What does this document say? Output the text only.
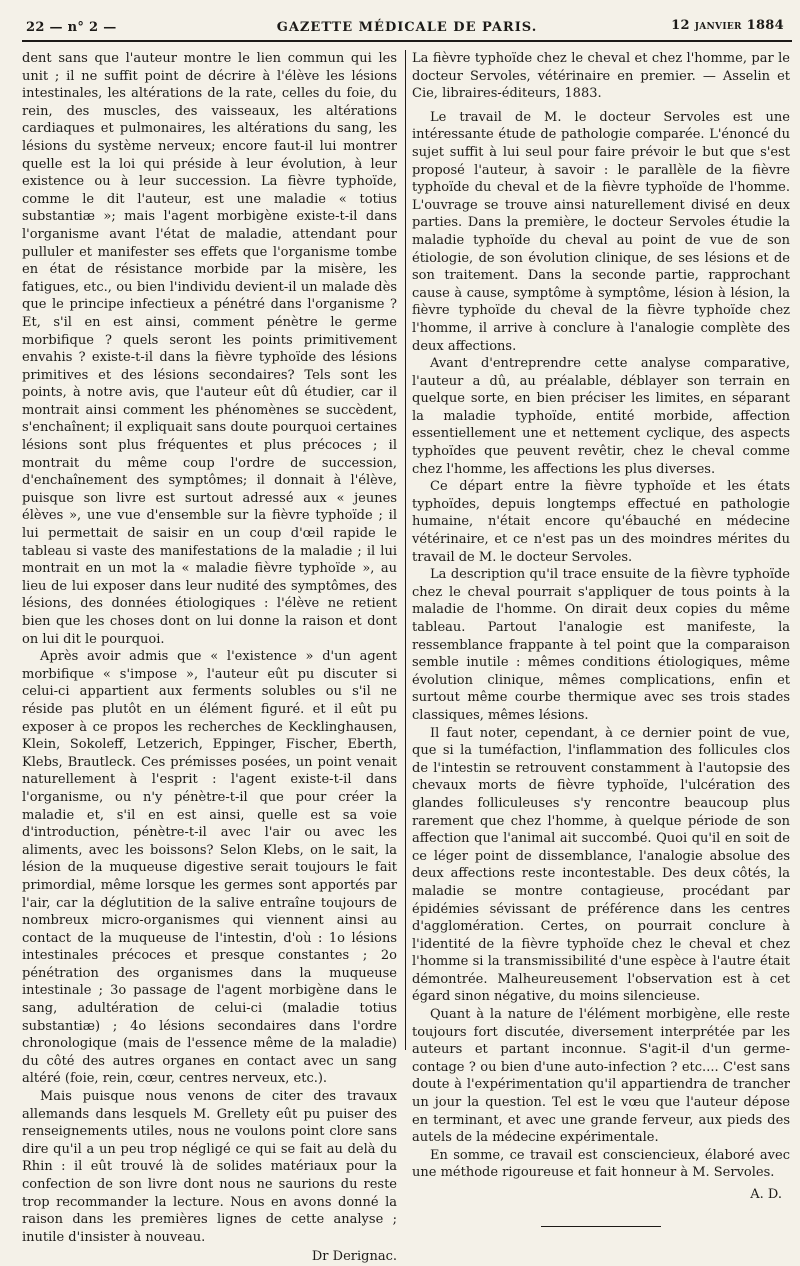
22 — n° 2 —	GAZETTE MÉDICALE DE PARIS.	12 janvier 1884

dent sans que l'auteur montre le lien commun qui les unit ; il ne suffit point de décrire à l'élève les lésions intestinales, les altérations de la rate, celles du foie, du rein, des muscles, des vaisseaux, les altérations cardiaques et pulmonaires, les altérations du sang, les lésions du système nerveux; encore faut-il lui montrer quelle est la loi qui préside à leur évolution, à leur existence ou à leur succession. La fièvre typhoïde, comme le dit l'auteur, est une maladie « totius substantiæ »; mais l'agent morbigène existe-t-il dans l'organisme avant l'état de maladie, attendant pour pulluler et manifester ses effets que l'organisme tombe en état de résistance morbide par la misère, les fatigues, etc., ou bien l'individu devient-il un malade dès que le principe infectieux a pénétré dans l'organisme ? Et, s'il en est ainsi, comment pénètre le germe morbifique ? quels seront les points primitivement envahis ? existe-t-il dans la fièvre typhoïde des lésions primitives et des lésions secondaires? Tels sont les points, à notre avis, que l'auteur eût dû étudier, car il montrait ainsi comment les phénomènes se succèdent, s'enchaînent; il expliquait sans doute pourquoi certaines lésions sont plus fréquentes et plus précoces ; il montrait du même coup l'ordre de succession, d'enchaînement des symptômes; il donnait à l'élève, puisque son livre est surtout adressé aux « jeunes élèves », une vue d'ensemble sur la fièvre typhoïde ; il lui permettait de saisir en un coup d'œil rapide le tableau si vaste des manifestations de la maladie ; il lui montrait en un mot la « maladie fièvre typhoïde », au lieu de lui exposer dans leur nudité des symptômes, des lésions, des données étiologiques : l'élève ne retient bien que les choses dont on lui donne la raison et dont on lui dit le pourquoi.

Après avoir admis que « l'existence » d'un agent morbifique « s'impose », l'auteur eût pu discuter si celui-ci appartient aux ferments solubles ou s'il ne réside pas plutôt en un élément figuré. et il eût pu exposer à ce propos les recherches de Kecklinghausen, Klein, Sokoleff, Letzerich, Eppinger, Fischer, Eberth, Klebs, Brautleck. Ces prémisses posées, un point venait naturellement à l'esprit : l'agent existe-t-il dans l'organisme, ou n'y pénètre-t-il que pour créer la maladie et, s'il en est ainsi, quelle est sa voie d'introduction, pénètre-t-il avec l'air ou avec les aliments, avec les boissons? Selon Klebs, on le sait, la lésion de la muqueuse digestive serait toujours le fait primordial, même lorsque les germes sont apportés par l'air, car la déglutition de la salive entraîne toujours de nombreux micro-organismes qui viennent ainsi au contact de la muqueuse de l'intestin, d'où : 1o lésions intestinales précoces et presque constantes ; 2o pénétration des organismes dans la muqueuse intestinale ; 3o passage de l'agent morbigène dans le sang, adultération de celui-ci (maladie totius substantiæ) ; 4o lésions secondaires dans l'ordre chronologique (mais de l'essence même de la maladie) du côté des autres organes en contact avec un sang altéré (foie, rein, cœur, centres nerveux, etc.).

Mais puisque nous venons de citer des travaux allemands dans lesquels M. Grellety eût pu puiser des renseignements utiles, nous ne voulons point clore sans dire qu'il a un peu trop négligé ce qui se fait au delà du Rhin : il eût trouvé là de solides matériaux pour la confection de son livre dont nous ne saurions du reste trop recommander la lecture. Nous en avons donné la raison dans les premières lignes de cette analyse ; inutile d'insister à nouveau.

Dr Derignac.

La fièvre typhoïde chez le cheval et chez l'homme, par le docteur Servoles, vétérinaire en premier. — Asselin et Cie, libraires-éditeurs, 1883.

Le travail de M. le docteur Servoles est une intéressante étude de pathologie comparée. L'énoncé du sujet suffit à lui seul pour faire prévoir le but que s'est proposé l'auteur, à savoir : le parallèle de la fièvre typhoïde du cheval et de la fièvre typhoïde de l'homme. L'ouvrage se trouve ainsi naturellement divisé en deux parties. Dans la première, le docteur Servoles étudie la maladie typhoïde du cheval au point de vue de son étiologie, de son évolution clinique, de ses lésions et de son traitement. Dans la seconde partie, rapprochant cause à cause, symptôme à symptôme, lésion à lésion, la fièvre typhoïde du cheval de la fièvre typhoïde chez l'homme, il arrive à conclure à l'analogie complète des deux affections.

Avant d'entreprendre cette analyse comparative, l'auteur a dû, au préalable, déblayer son terrain en quelque sorte, en bien préciser les limites, en séparant la maladie typhoïde, entité morbide, affection essentiellement une et nettement cyclique, des aspects typhoïdes que peuvent revêtir, chez le cheval comme chez l'homme, les affections les plus diverses.

Ce départ entre la fièvre typhoïde et les états typhoïdes, depuis longtemps effectué en pathologie humaine, n'était encore qu'ébauché en médecine vétérinaire, et ce n'est pas un des moindres mérites du travail de M. le docteur Servoles.

La description qu'il trace ensuite de la fièvre typhoïde chez le cheval pourrait s'appliquer de tous points à la maladie de l'homme. On dirait deux copies du même tableau. Partout l'analogie est manifeste, la ressemblance frappante à tel point que la comparaison semble inutile : mêmes conditions étiologiques, même évolution clinique, mêmes complications, enfin et surtout même courbe thermique avec ses trois stades classiques, mêmes lésions.

Il faut noter, cependant, à ce dernier point de vue, que si la tuméfaction, l'inflammation des follicules clos de l'intestin se retrouvent constamment à l'autopsie des chevaux morts de fièvre typhoïde, l'ulcération des glandes folliculeuses s'y rencontre beaucoup plus rarement que chez l'homme, à quelque période de son affection que l'animal ait succombé. Quoi qu'il en soit de ce léger point de dissemblance, l'analogie absolue des deux affections reste incontestable. Des deux côtés, la maladie se montre contagieuse, procédant par épidémies sévissant de préférence dans les centres d'agglomération. Certes, on pourrait conclure à l'identité de la fièvre typhoïde chez le cheval et chez l'homme si la transmissibilité d'une espèce à l'autre était démontrée. Malheureusement l'observation est à cet égard sinon négative, du moins silencieuse.

Quant à la nature de l'élément morbigène, elle reste toujours fort discutée, diversement interprétée par les auteurs et partant inconnue. S'agit-il d'un germe-contage ? ou bien d'une auto-infection ? etc.... C'est sans doute à l'expérimentation qu'il appartiendra de trancher un jour la question. Tel est le vœu que l'auteur dépose en terminant, et avec une grande ferveur, aux pieds des autels de la médecine expérimentale.

En somme, ce travail est consciencieux, élaboré avec une méthode rigoureuse et fait honneur à M. Servoles.

A. D.
